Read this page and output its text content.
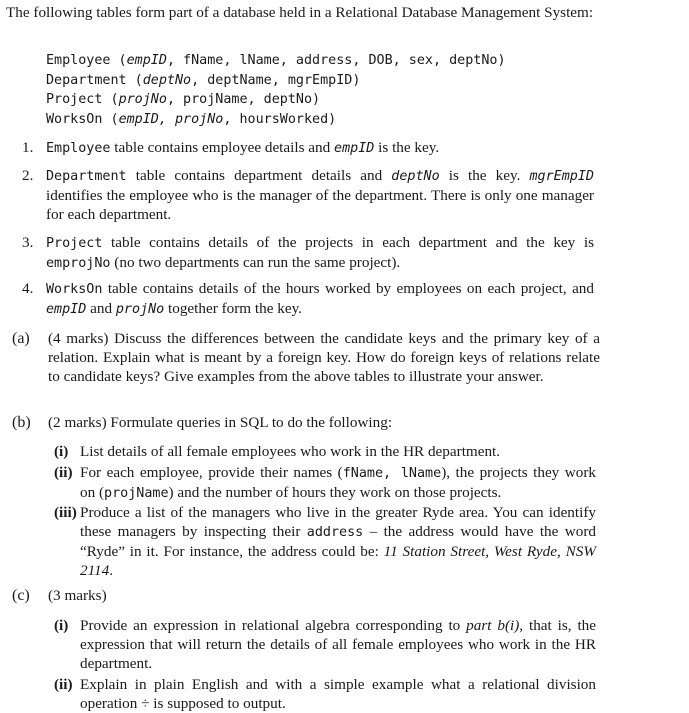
The following tables form part of a database held in a Relational Database Management System:

Employee (empID, fName, lName, address, DOB, sex, deptNo)
Department (deptNo, deptName, mgrEmpID)
Project (projNo, projName, deptNo)
WorksOn (empID, projNo, hoursWorked)
1. Employee table contains employee details and empID is the key.

2. Department table contains department details and deptNo is the key. mgrEmpID identifies the employee who is the manager of the department. There is only one manager for each department.

3. Project table contains details of the projects in each department and the key is emprojNo (no two departments can run the same project).

4. WorksOn table contains details of the hours worked by employees on each project, and empID and projNo together form the key.

(a) (4 marks) Discuss the differences between the candidate keys and the primary key of a relation. Explain what is meant by a foreign key. How do foreign keys of relations relate to candidate keys? Give examples from the above tables to illustrate your answer.

(b) (2 marks) Formulate queries in SQL to do the following:

(i) List details of all female employees who work in the HR department.

(ii) For each employee, provide their names (fName, lName), the projects they work on (projName) and the number of hours they work on those projects.

(iii) Produce a list of the managers who live in the greater Ryde area. You can identify these managers by inspecting their address – the address would have the word “Ryde” in it. For instance, the address could be: 11 Station Street, West Ryde, NSW 2114.

(c) (3 marks)

(i) Provide an expression in relational algebra corresponding to part b(i), that is, the expression that will return the details of all female employees who work in the HR department.

(ii) Explain in plain English and with a simple example what a relational division operation ÷ is supposed to output.
